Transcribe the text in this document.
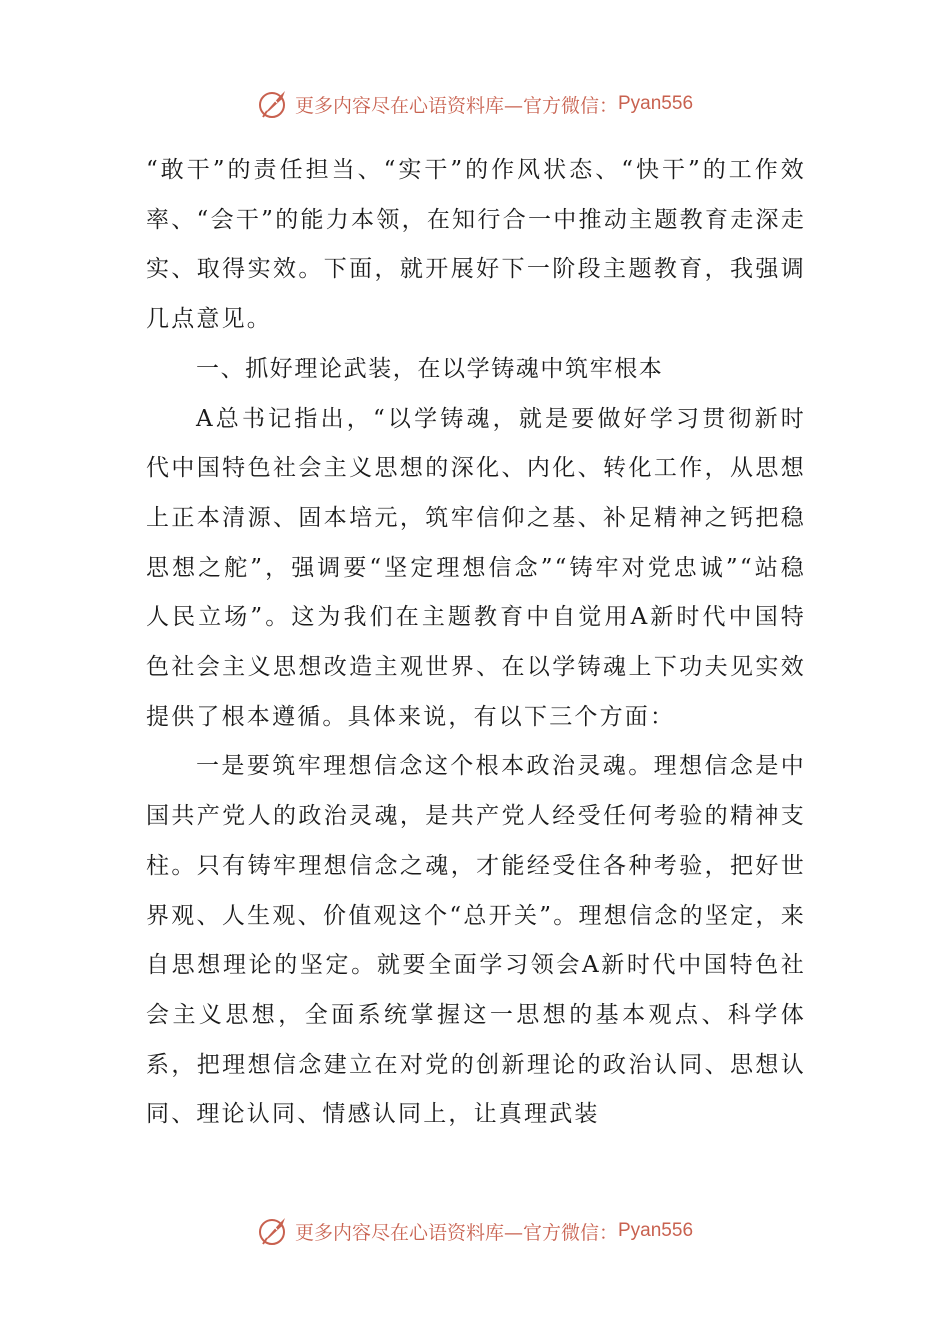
更多内容尽在心语资料库—官方微信： Pyan556

“敢干”的责任担当、“实干”的作风状态、“快干”的工作效率、“会干”的能力本领，在知行合一中推动主题教育走深走实、取得实效。下面，就开展好下一阶段主题教育，我强调几点意见。

一、抓好理论武装，在以学铸魂中筑牢根本

A总书记指出，“以学铸魂，就是要做好学习贯彻新时代中国特色社会主义思想的深化、内化、转化工作，从思想上正本清源、固本培元，筑牢信仰之基、补足精神之钙把稳思想之舵”，强调要“坚定理想信念”“铸牢对党忠诚”“站稳人民立场”。这为我们在主题教育中自觉用A新时代中国特色社会主义思想改造主观世界、在以学铸魂上下功夫见实效提供了根本遵循。具体来说，有以下三个方面：

一是要筑牢理想信念这个根本政治灵魂。理想信念是中国共产党人的政治灵魂，是共产党人经受任何考验的精神支柱。只有铸牢理想信念之魂，才能经受住各种考验，把好世界观、人生观、价值观这个“总开关”。理想信念的坚定，来自思想理论的坚定。就要全面学习领会A新时代中国特色社会主义思想，全面系统掌握这一思想的基本观点、科学体系，把理想信念建立在对党的创新理论的政治认同、思想认同、理论认同、情感认同上，让真理武装

更多内容尽在心语资料库—官方微信： Pyan556
